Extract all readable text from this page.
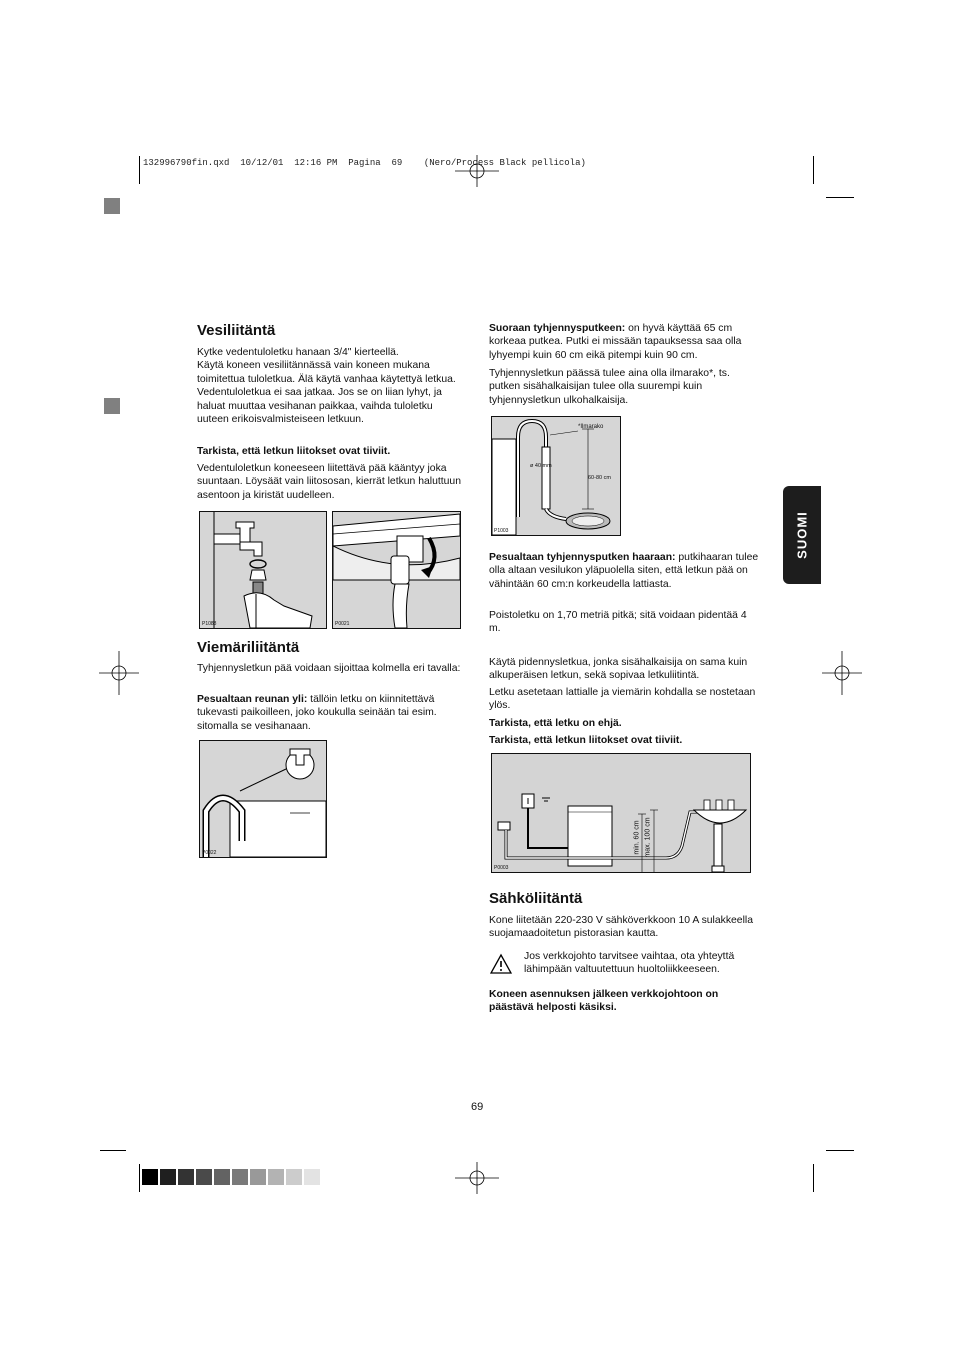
132996790fin.qxd  10/12/01  12:16 PM  Pagina  69    (Nero/Process Black pellicola)
SUOMI
Vesiliitäntä
Kytke vedentuloletku hanaan 3/4" kierteellä.
Käytä koneen vesiliitännässä vain koneen mukana toimitettua tuloletkua. Älä käytä vanhaa käytettyä letkua.
Vedentuloletkua ei saa jatkaa. Jos se on liian lyhyt, ja haluat muuttaa vesihanan paikkaa, vaihda tuloletku uuteen erikoisvalmisteiseen letkuun.
Tarkista, että letkun liitokset ovat tiiviit.
Vedentuloletkun koneeseen liitettävä pää kääntyy joka suuntaan. Löysäät vain liitososan, kierrät letkun haluttuun asentoon ja kiristät uudelleen.
P1088	P0021
Viemäriliitäntä
Tyhjennysletkun pää voidaan sijoittaa kolmella eri tavalla:
Pesualtaan reunan yli: tällöin letku on kiinnitettävä tukevasti paikoilleen, joko koukulla seinään tai esim. sitomalla se vesihanaan.
P0022
Suoraan tyhjennysputkeen: on hyvä käyttää 65 cm korkeaa putkea. Putki ei missään tapauksessa saa olla lyhyempi kuin 60 cm eikä pitempi kuin 90 cm.
Tyhjennysletkun päässä tulee aina olla ilmarako*, ts. putken sisähalkaisijan tulee olla suurempi kuin tyhjennysletkun ulkohalkaisija.
*Ilmarako
ø 40 mm
60-80 cm
P1003
Pesualtaan tyhjennysputken haaraan: putkihaaran tulee olla altaan vesilukon yläpuolella siten, että letkun pää on vähintään 60 cm:n korkeudella lattiasta.
Poistoletku on 1,70 metriä pitkä; sitä voidaan pidentää 4 m.
Käytä pidennysletkua, jonka sisähalkaisija on sama kuin alkuperäisen letkun, sekä sopivaa letkuliitintä.
Letku asetetaan lattialle ja viemärin kohdalla se nostetaan ylös.
Tarkista, että letku on ehjä.
Tarkista, että letkun liitokset ovat tiiviit.
min. 60 cm max. 100 cm
P0003
Sähköliitäntä
Kone liitetään 220-230 V sähköverkkoon 10 A sulakkeella suojamaadoitetun pistorasian kautta.
Jos verkkojohto tarvitsee vaihtaa, ota yhteyttä lähimpään valtuutettuun huoltoliikkeeseen.
Koneen asennuksen jälkeen verkkojohtoon on päästävä helposti käsiksi.
69
